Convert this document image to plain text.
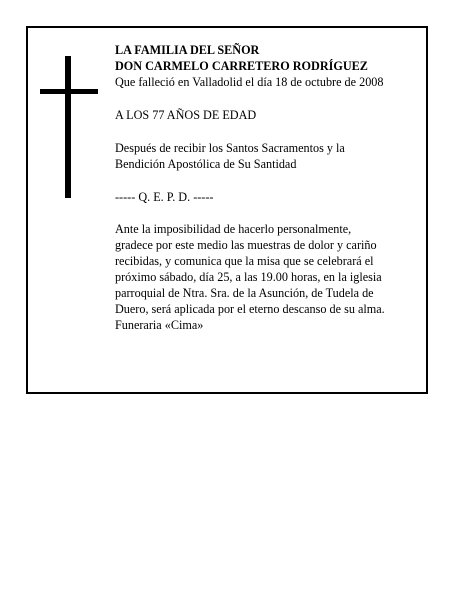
LA FAMILIA DEL SEÑOR

DON CARMELO CARRETERO RODRÍGUEZ

Que falleció en Valladolid el día 18 de octubre de 2008

A LOS 77 AÑOS DE EDAD

Después de recibir los Santos Sacramentos y la

Bendición Apostólica de Su Santidad

----- Q. E. P. D. -----

Ante la imposibilidad de hacerlo personalmente,

gradece por este medio las muestras de dolor y cariño

recibidas, y comunica que la misa que se celebrará el

próximo sábado, día 25, a las 19.00 horas, en la iglesia

parroquial de Ntra. Sra. de la Asunción, de Tudela de

Duero, será aplicada por el eterno descanso de su alma.

Funeraria «Cima»
